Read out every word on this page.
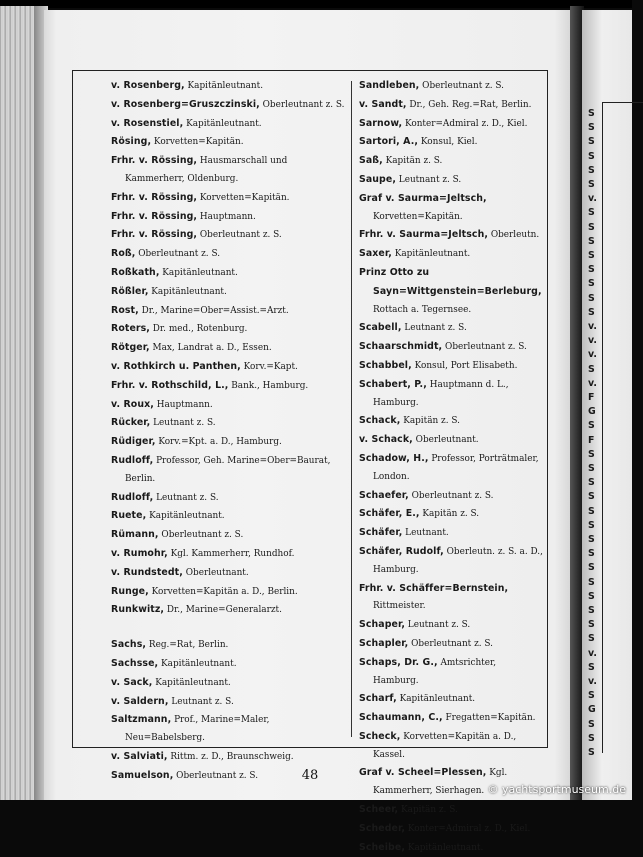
v. Rosenberg, Kapitänleutnant.
v. Rosenberg=Gruszczinski, Oberleutnant z. S.
v. Rosenstiel, Kapitänleutnant.
Rösing, Korvetten=Kapitän.
Frhr. v. Rössing, Hausmarschall und Kammerherr, Oldenburg.
Frhr. v. Rössing, Korvetten=Kapitän.
Frhr. v. Rössing, Hauptmann.
Frhr. v. Rössing, Oberleutnant z. S.
Roß, Oberleutnant z. S.
Roßkath, Kapitänleutnant.
Rößler, Kapitänleutnant.
Rost, Dr., Marine=Ober=Assist.=Arzt.
Roters, Dr. med., Rotenburg.
Rötger, Max, Landrat a. D., Essen.
v. Rothkirch u. Panthen, Korv.=Kapt.
Frhr. v. Rothschild, L., Bank., Hamburg.
v. Roux, Hauptmann.
Rücker, Leutnant z. S.
Rüdiger, Korv.=Kpt. a. D., Hamburg.
Rudloff, Professor, Geh. Marine=Ober=Baurat, Berlin.
Rudloff, Leutnant z. S.
Ruete, Kapitänleutnant.
Rümann, Oberleutnant z. S.
v. Rumohr, Kgl. Kammerherr, Rundhof.
v. Rundstedt, Oberleutnant.
Runge, Korvetten=Kapitän a. D., Berlin.
Runkwitz, Dr., Marine=Generalarzt.
Sachs, Reg.=Rat, Berlin.
Sachsse, Kapitänleutnant.
v. Sack, Kapitänleutnant.
v. Saldern, Leutnant z. S.
Saltzmann, Prof., Marine=Maler, Neu=Babelsberg.
v. Salviati, Rittm. z. D., Braunschweig.
Samuelson, Oberleutnant z. S.
Sandleben, Oberleutnant z. S.
v. Sandt, Dr., Geh. Reg.=Rat, Berlin.
Sarnow, Konter=Admiral z. D., Kiel.
Sartori, A., Konsul, Kiel.
Saß, Kapitän z. S.
Saupe, Leutnant z. S.
Graf v. Saurma=Jeltsch, Korvetten=Kapitän.
Frhr. v. Saurma=Jeltsch, Oberleutn.
Saxer, Kapitänleutnant.
Prinz Otto zu Sayn=Wittgenstein=Berleburg, Rottach a. Tegernsee.
Scabell, Leutnant z. S.
Schaarschmidt, Oberleutnant z. S.
Schabbel, Konsul, Port Elisabeth.
Schabert, P., Hauptmann d. L., Hamburg.
Schack, Kapitän z. S.
v. Schack, Oberleutnant.
Schadow, H., Professor, Porträtmaler, London.
Schaefer, Oberleutnant z. S.
Schäfer, E., Kapitän z. S.
Schäfer, Leutnant.
Schäfer, Rudolf, Oberleutn. z. S. a. D., Hamburg.
Frhr. v. Schäffer=Bernstein, Rittmeister.
Schaper, Leutnant z. S.
Schapler, Oberleutnant z. S.
Schaps, Dr. G., Amtsrichter, Hamburg.
Scharf, Kapitänleutnant.
Schaumann, C., Fregatten=Kapitän.
Scheck, Korvetten=Kapitän a. D., Kassel.
Graf v. Scheel=Plessen, Kgl. Kammerherr, Sierhagen.
Scheer, Kapitän z. S.
Scheder, Konter=Admiral z. D., Kiel.
Scheibe, Kapitänleutnant.
48
S
S
S
S
S
S
v.
S
S
S
S
S
S
S
S
v.
v.
v.
S
v.
F
G
S
F
S
S
S
S
S
S
S
S
S
S
S
S
S
S
v.
S
v.
S
G
S
S
S
© yachtsportmuseum.de
